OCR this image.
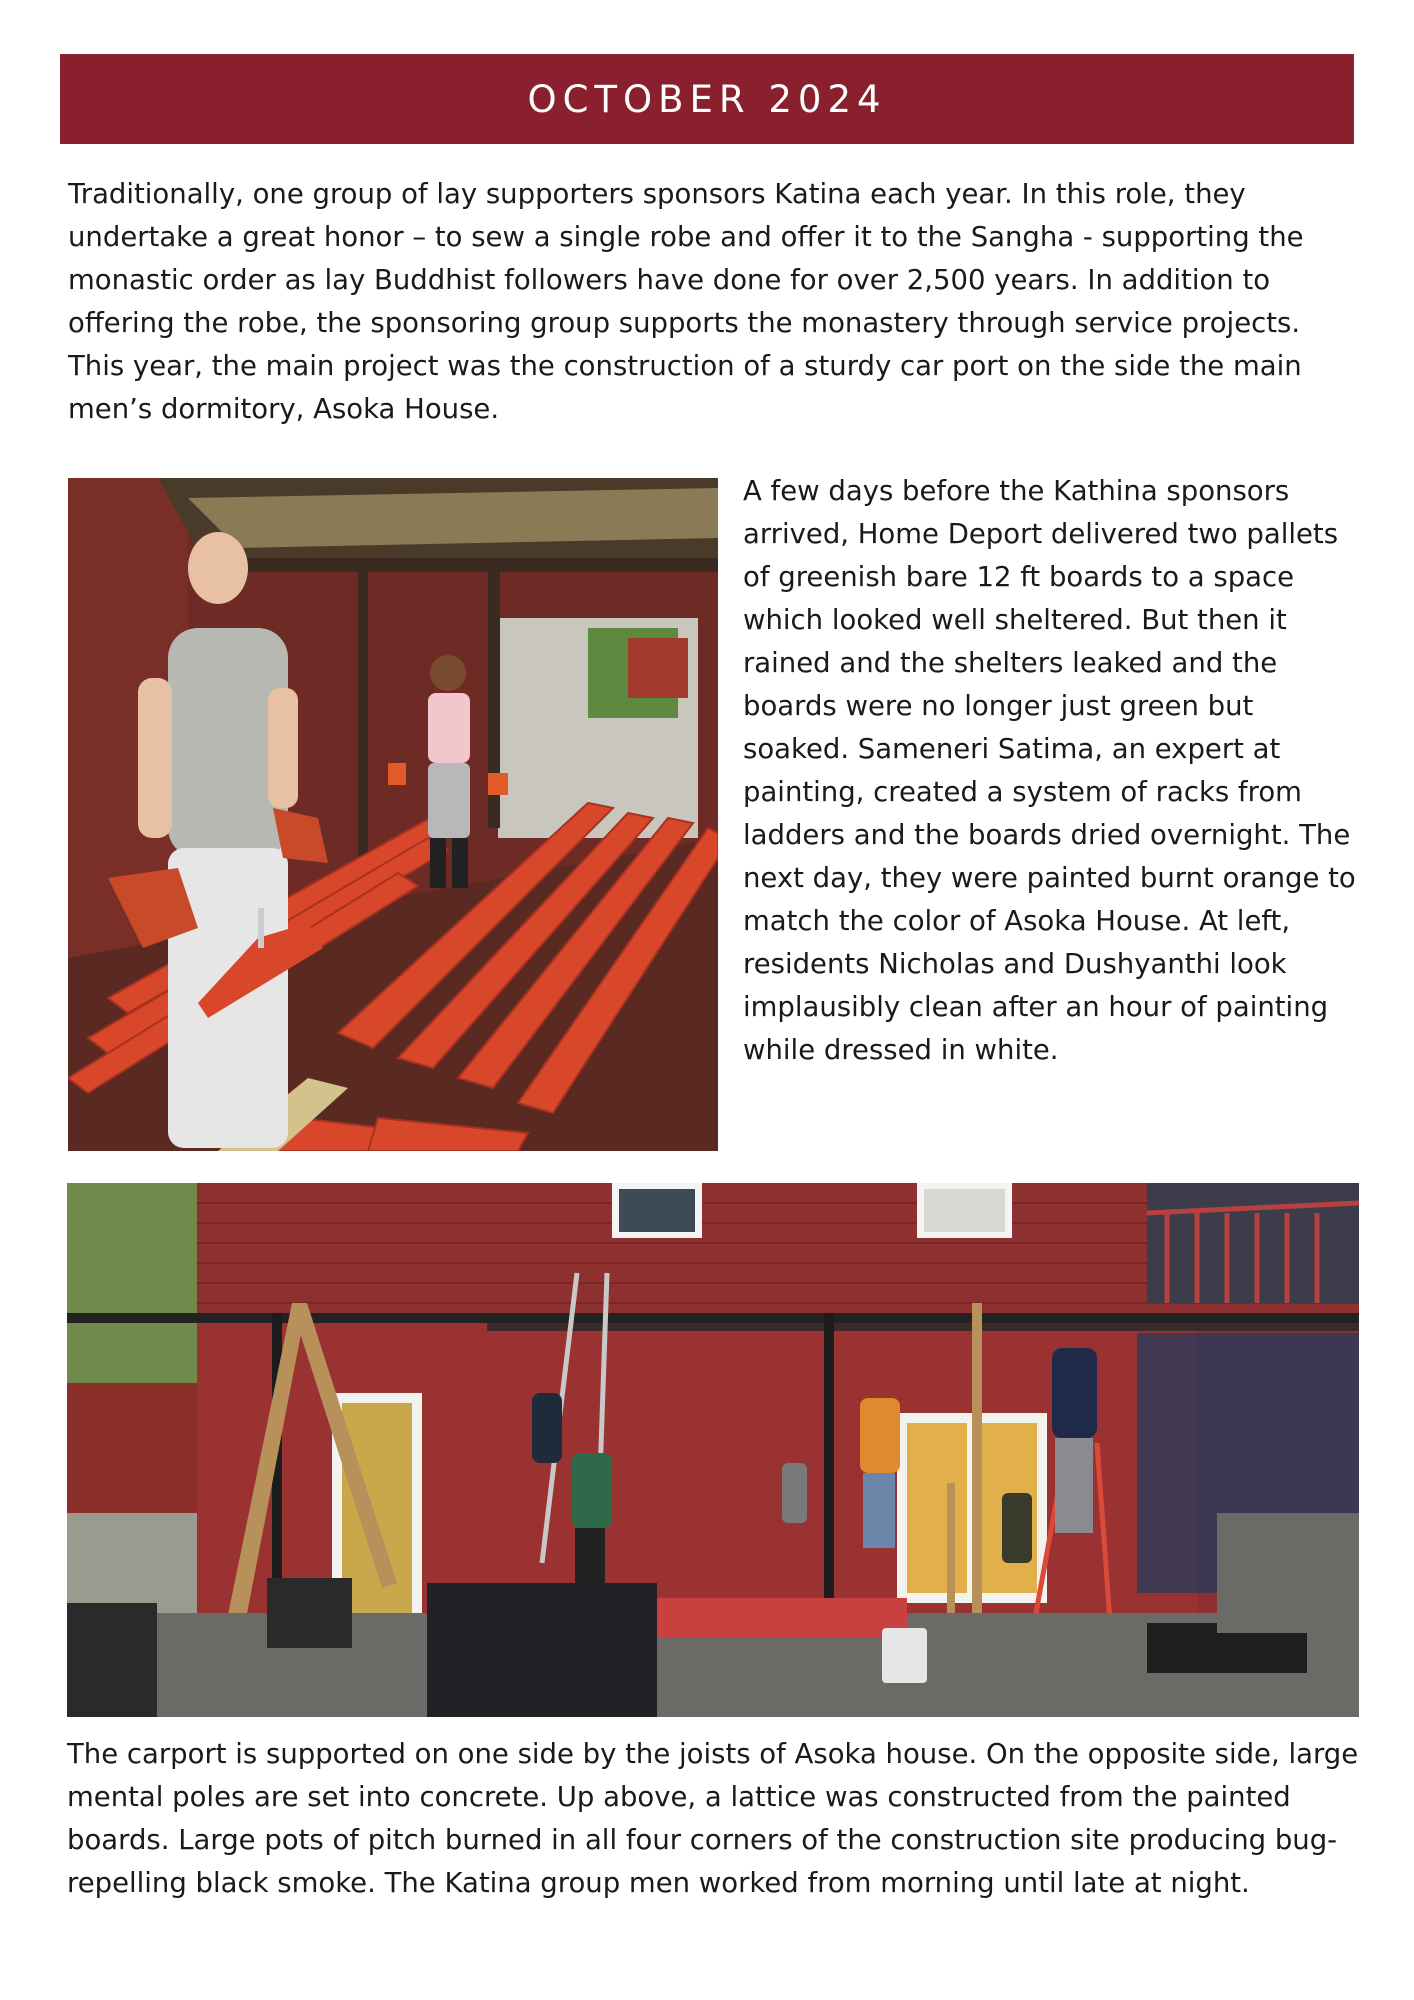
OCTOBER 2024

Traditionally, one group of lay supporters sponsors Katina each year. In this role, they undertake a great honor – to sew a single robe and offer it to the Sangha - supporting the monastic order as lay Buddhist followers have done for over 2,500 years. In addition to offering the robe, the sponsoring group supports the monastery through service projects. This year, the main project was the construction of a sturdy car port on the side the main men’s dormitory, Asoka House.

A few days before the Kathina sponsors arrived, Home Deport delivered two pallets of greenish bare 12 ft boards to a space which looked well sheltered. But then it rained and the shelters leaked and the boards were no longer just green but soaked. Sameneri Satima, an expert at painting, created a system of racks from ladders and the boards dried overnight. The next day, they were painted burnt orange to match the color of Asoka House. At left, residents Nicholas and Dushyanthi look implausibly clean after an hour of painting while dressed in white.

The carport is supported on one side by the joists of Asoka house. On the opposite side, large mental poles are set into concrete. Up above, a lattice was constructed from the painted boards. Large pots of pitch burned in all four corners of the construction site producing bug-repelling black smoke. The Katina group men worked from morning until late at night.
